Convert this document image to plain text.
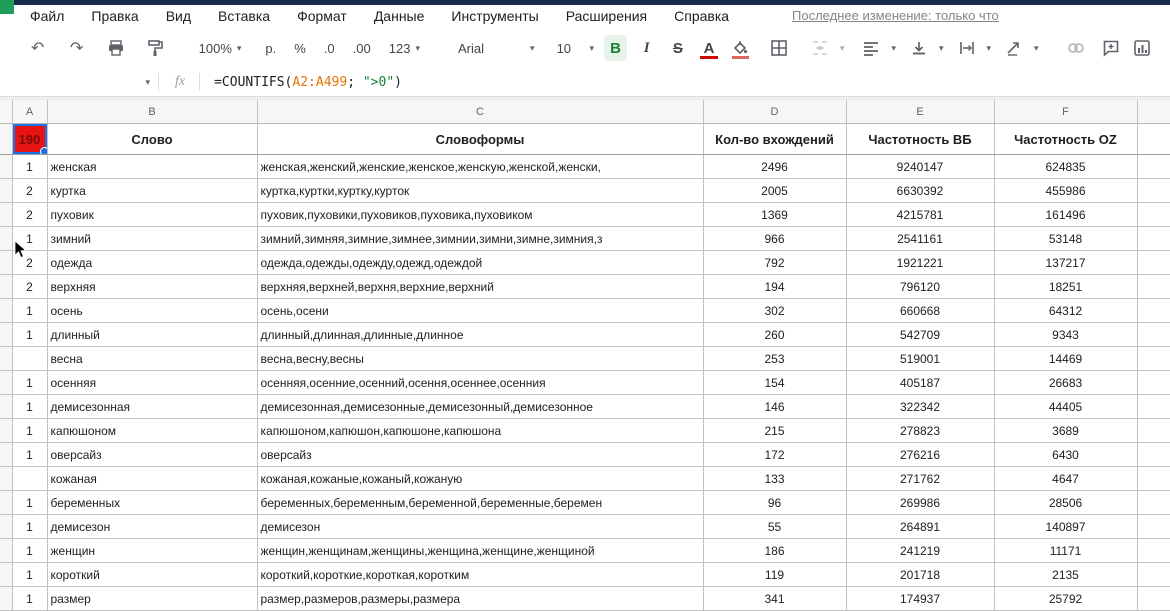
Файл Правка Вид Вставка Формат Данные Инструменты Расширения Справка	Последнее изменение: только что
↶	↷	100% ▾ р. % .0 .00 123 ▾	Arial	▾ 10 ▾	B	I	S	A	▾	▾	▾	▾	▾
▾	fx	=COUNTIFS(A2:A499; ">0")
	A	B	C	D	E	F	
	190	Слово	Словоформы	Кол-во вхождений	Частотность ВБ	Частотность OZ	
	1	женская	женская,женский,женские,женское,женскую,женской,женски,	2496	9240147	624835	
	2	куртка	куртка,куртки,куртку,курток	2005	6630392	455986	
	2	пуховик	пуховик,пуховики,пуховиков,пуховика,пуховиком	1369	4215781	161496	
	1	зимний	зимний,зимняя,зимние,зимнее,зимнии,зимни,зимне,зимния,з	966	2541161	53148	
	2	одежда	одежда,одежды,одежду,одежд,одеждой	792	1921221	137217	
	2	верхняя	верхняя,верхней,верхня,верхние,верхний	194	796120	18251	
	1	осень	осень,осени	302	660668	64312	
	1	длинный	длинный,длинная,длинные,длинное	260	542709	9343	
		весна	весна,весну,весны	253	519001	14469	
	1	осенняя	осенняя,осенние,осенний,осення,осеннее,осенния	154	405187	26683	
	1	демисезонная	демисезонная,демисезонные,демисезонный,демисезонное	146	322342	44405	
	1	капюшоном	капюшоном,капюшон,капюшоне,капюшона	215	278823	3689	
	1	оверсайз	оверсайз	172	276216	6430	
		кожаная	кожаная,кожаные,кожаный,кожаную	133	271762	4647	
	1	беременных	беременных,беременным,беременной,беременные,беремен	96	269986	28506	
	1	демисезон	демисезон	55	264891	140897	
	1	женщин	женщин,женщинам,женщины,женщина,женщине,женщиной	186	241219	11171	
	1	короткий	короткий,короткие,короткая,коротким	119	201718	2135	
	1	размер	размер,размеров,размеры,размера	341	174937	25792	
